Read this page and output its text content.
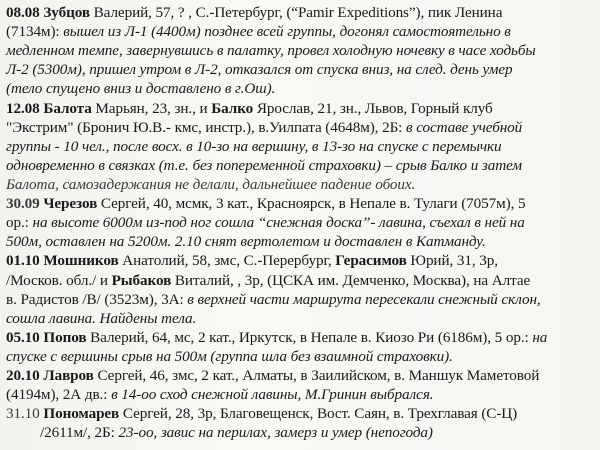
08.08 Зубцов Валерий, 57, ? , С.-Петербург, (“Pamir Expeditions”), пик Ленина
(7134м): вышел из Л-1 (4400м) позднее всей группы, догонял самостоятельно в
медленном темпе, завернувшись в палатку, провел холодную ночевку в часе ходьбы
Л-2 (5300м), пришел утром в Л-2, отказался от спуска вниз, на след. день умер
(тело спущено вниз и доставлено в г.Ош).
12.08 Балота Марьян, 23, зн., и Балко Ярослав, 21, зн., Львов, Горный клуб
"Экстрим" (Бронич Ю.В.- кмс, инстр.), в.Уилпата (4648м), 2Б: в составе учебной
группы - 10 чел., после восх. в 10-зо на вершину, в 13-зо на спуске с перемычки
одновременно в связках (т.е. без попеременной страховки) – срыв Балко и затем
Балота, самозадержания не делали, дальнейшее падение обоих.
30.09 Черезов Сергей, 40, мсмк, 3 кат., Красноярск, в Непале в. Тулаги (7057м), 5
ор.: на высоте 6000м из-под ног сошла “снежная доска”- лавина, съехал в ней на
500м, оставлен на 5200м. 2.10 снят вертолетом и доставлен в Катманду.
01.10 Мошников Анатолий, 58, змс, С.-Перербург, Герасимов Юрий, 31, 3р,
/Москов. обл./ и Рыбаков Виталий, , 3р, (ЦСКА им. Демченко, Москва), на Алтае
в. Радистов /В/ (3523м), 3А: в верхней части маршрута пересекали снежный склон,
сошла лавина. Найдены тела.
05.10 Попов Валерий, 64, мс, 2 кат., Иркутск, в Непале в. Киозо Ри (6186м), 5 ор.: на
спуске с вершины срыв на 500м (группа шла без взаимной страховки).
20.10 Лавров Сергей, 46, змс, 2 кат., Алматы, в Заилийском, в. Маншук Маметовой
(4194м), 2А дв.: в 14-оо сход снежной лавины, М.Гринин выбрался.
31.10 Пономарев Сергей, 28, 3р, Благовещенск, Вост. Саян, в. Трехглавая (С-Ц)
/2611м/, 2Б: 23-оо, завис на перилах, замерз и умер (непогода)
